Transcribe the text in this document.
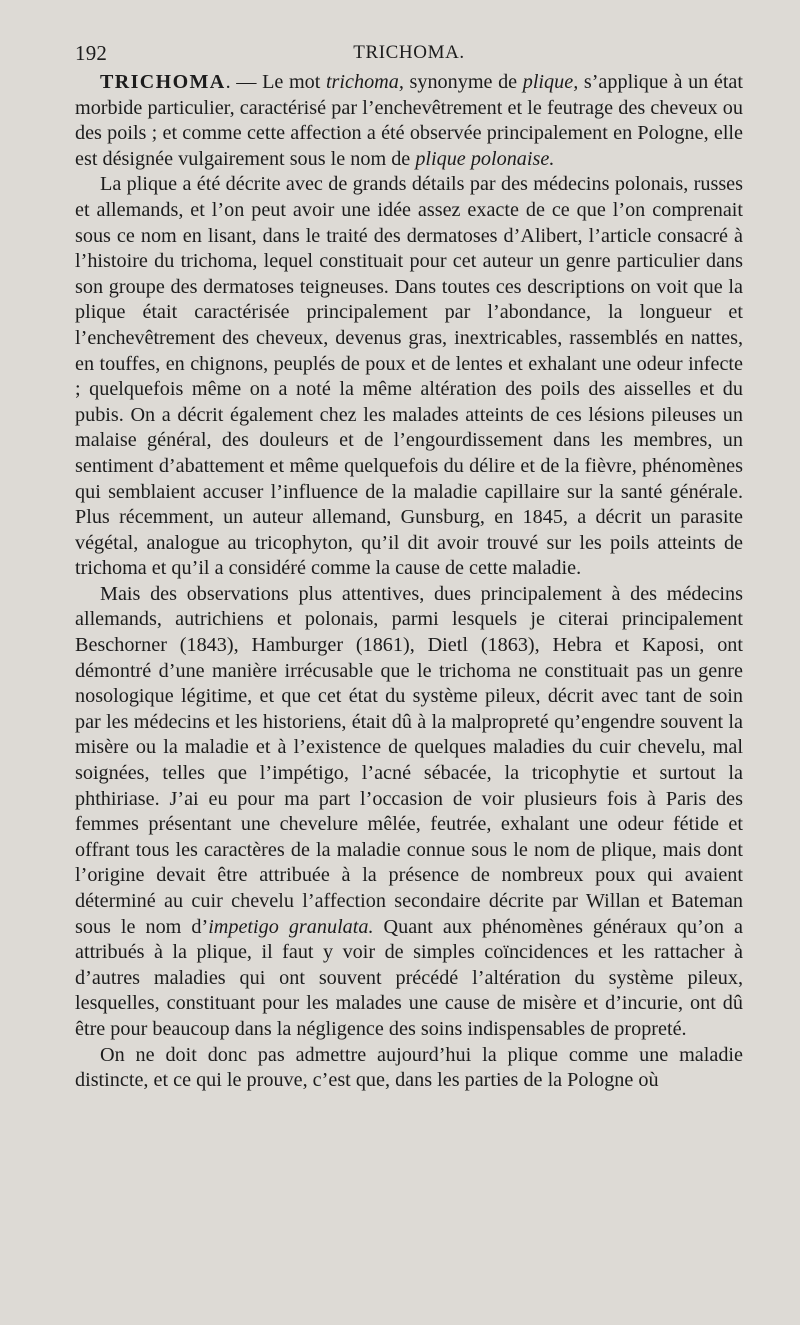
192	TRICHOMA.

TRICHOMA. — Le mot trichoma, synonyme de plique, s’applique à un état morbide particulier, caractérisé par l’enchevêtrement et le feutrage des cheveux ou des poils ; et comme cette affection a été observée principalement en Pologne, elle est désignée vulgairement sous le nom de plique polonaise.

La plique a été décrite avec de grands détails par des médecins polonais, russes et allemands, et l’on peut avoir une idée assez exacte de ce que l’on comprenait sous ce nom en lisant, dans le traité des dermatoses d’Alibert, l’article consacré à l’histoire du trichoma, lequel constituait pour cet auteur un genre particulier dans son groupe des dermatoses teigneuses. Dans toutes ces descriptions on voit que la plique était caractérisée principalement par l’abondance, la longueur et l’enchevêtrement des cheveux, devenus gras, inextricables, rassemblés en nattes, en touffes, en chignons, peuplés de poux et de lentes et exhalant une odeur infecte ; quelquefois même on a noté la même altération des poils des aisselles et du pubis. On a décrit également chez les malades atteints de ces lésions pileuses un malaise général, des douleurs et de l’engourdissement dans les membres, un sentiment d’abattement et même quelquefois du délire et de la fièvre, phénomènes qui semblaient accuser l’influence de la maladie capillaire sur la santé générale. Plus récemment, un auteur allemand, Gunsburg, en 1845, a décrit un parasite végétal, analogue au tricophyton, qu’il dit avoir trouvé sur les poils atteints de trichoma et qu’il a considéré comme la cause de cette maladie.

Mais des observations plus attentives, dues principalement à des médecins allemands, autrichiens et polonais, parmi lesquels je citerai principalement Beschorner (1843), Hamburger (1861), Dietl (1863), Hebra et Kaposi, ont démontré d’une manière irrécusable que le trichoma ne constituait pas un genre nosologique légitime, et que cet état du système pileux, décrit avec tant de soin par les médecins et les historiens, était dû à la malpropreté qu’engendre souvent la misère ou la maladie et à l’existence de quelques maladies du cuir chevelu, mal soignées, telles que l’impétigo, l’acné sébacée, la tricophytie et surtout la phthiriase. J’ai eu pour ma part l’occasion de voir plusieurs fois à Paris des femmes présentant une chevelure mêlée, feutrée, exhalant une odeur fétide et offrant tous les caractères de la maladie connue sous le nom de plique, mais dont l’origine devait être attribuée à la présence de nombreux poux qui avaient déterminé au cuir chevelu l’affection secondaire décrite par Willan et Bateman sous le nom d’impetigo granulata. Quant aux phénomènes généraux qu’on a attribués à la plique, il faut y voir de simples coïncidences et les rattacher à d’autres maladies qui ont souvent précédé l’altération du système pileux, lesquelles, constituant pour les malades une cause de misère et d’incurie, ont dû être pour beaucoup dans la négligence des soins indispensables de propreté.

On ne doit donc pas admettre aujourd’hui la plique comme une maladie distincte, et ce qui le prouve, c’est que, dans les parties de la Pologne où
